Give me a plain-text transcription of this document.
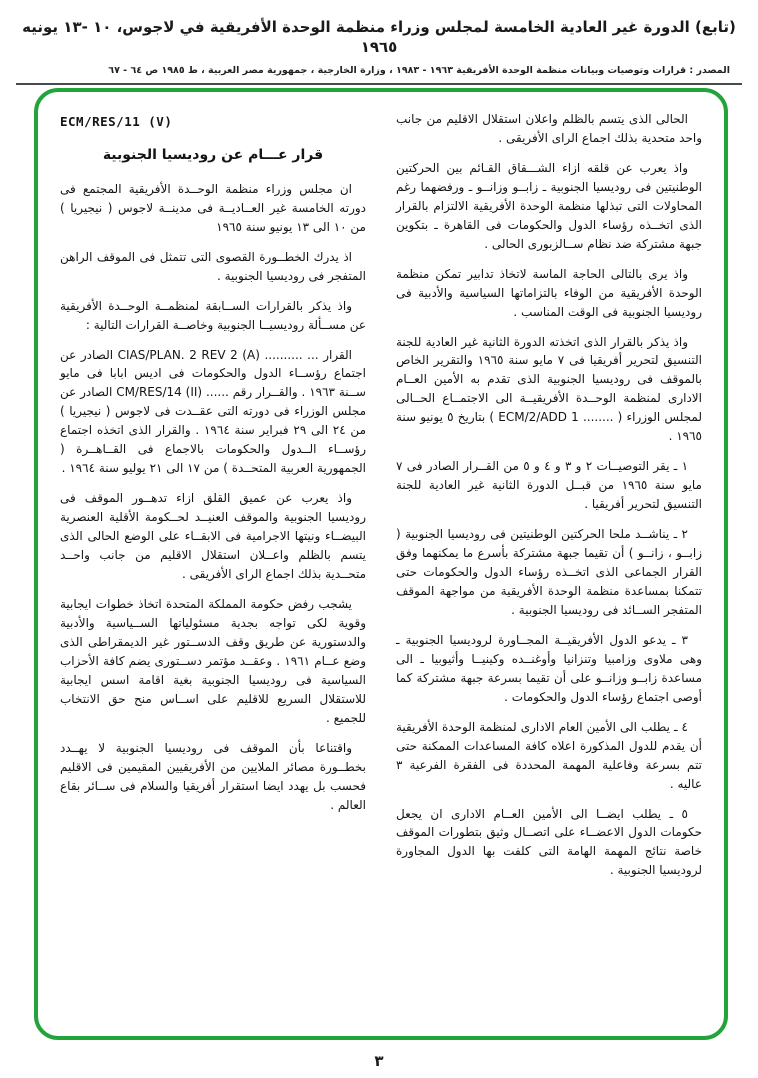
(تابع) الدورة غير العادية الخامسة لمجلس وزراء منظمة الوحدة الأفريقية في لاجوس، ١٠ -١٣ يونيه ١٩٦٥
المصدر : قرارات وتوصيات وبيانات منظمة الوحدة الأفريقية ١٩٦٣ - ١٩٨٣ ، وزارة الخارجية ، جمهورية مصر العربية ، ط ١٩٨٥ ص ٦٤ - ٦٧

الحالى الذى يتسم بالظلم واعلان استقلال الاقليم من جانب واحد متحدية بذلك اجماع الراى الأفريقى .

واذ يعرب عن قلقه ازاء الشـــقاق القـائم بين الحركتين الوطنيتين فى روديسيا الجنوبية ـ زابــو وزانــو ـ ورفضهما رغم المحاولات التى تبذلها منظمة الوحدة الأفريقية الالتزام بالقرار الذى اتخــذه رؤساء الدول والحكومات فى القاهرة ـ بتكوين جبهة مشتركة ضد نظام ســالزبورى الحالى .

واذ يرى بالتالى الحاجة الماسة لاتخاذ تدابير تمكن منظمة الوحدة الأفريقية من الوفاء بالتزاماتها السياسية والأدبية فى روديسيا الجنوبية فى الوقت المناسب .

واذ يذكر بالقرار الذى اتخذته الدورة الثانية غير العادية للجنة التنسيق لتحرير أفريقيا فى ٧ مايو سنة ١٩٦٥ والتقرير الخاص بالموقف فى روديسيا الجنوبية الذى تقدم به الأمين العــام الادارى لمنظمة الوحــدة الأفريقيــة الى الاجتمــاع الحــالى لمجلس الوزراء ( ........ ECM/2/ADD 1 ) بتاريخ ٥ يونيو سنة ١٩٦٥ .

١ ـ يقر التوصيــات ٢ و ٣ و ٤ و ٥ من القــرار الصادر فى ٧ مايو سنة ١٩٦٥ من قبــل الدورة الثانية غير العادية للجنة التنسيق لتحرير أفريقيا .

٢ ـ يناشــد ملحا الحركتين الوطنيتين فى روديسيا الجنوبية ( زابــو ، زانــو ) أن تقيما جبهة مشتركة بأسرع ما يمكنهما وفق القرار الجماعى الذى اتخــذه رؤساء الدول والحكومات حتى تتمكنا بمساعدة منظمة الوحدة الأفريقية من مواجهة الموقف المتفجر الســائد فى روديسيا الجنوبية .

٣ ـ يدعو الدول الأفريقيــة المجــاورة لروديسيا الجنوبية ـ وهى ملاوى وزامبيا وتنزانيا وأوغنــده وكينيــا وأثيوبيا ـ الى مساعدة زابــو وزانــو على أن تقيما بسرعة جبهة مشتركة كما أوصى اجتماع رؤساء الدول والحكومات .

٤ ـ يطلب الى الأمين العام الادارى لمنظمة الوحدة الأفريقية أن يقدم للدول المذكورة اعلاه كافة المساعدات الممكنة حتى تتم بسرعة وفاعلية المهمة المحددة فى الفقرة الفرعية ٣ عاليه .

٥ ـ يطلب ايضــا الى الأمين العــام الادارى ان يجعل حكومات الدول الاعضــاء على اتصــال وثيق بتطورات الموقف خاصة نتائج المهمة الهامة التى كلفت بها الدول المجاورة لروديسيا الجنوبية .

ECM/RES/11 (V)
قرار عـــام عن روديسيا الجنوبية

ان مجلس وزراء منظمة الوحــدة الأفريقية المجتمع فى دورته الخامسة غير العــاديــة فى مدينــة لاجوس ( نيجيريا ) من ١٠ الى ١٣ يونيو سنة ١٩٦٥

اذ يدرك الخطــورة القصوى التى تتمثل فى الموقف الراهن المتفجر فى روديسيا الجنوبية .

واذ يذكر بالقرارات الســابقة لمنظمــة الوحــدة الأفريقية عن مســألة روديسيــا الجنوبية وخاصــة القرارات التالية :

القرار ... .......... CIAS/PLAN. 2 REV 2 (A) الصادر عن اجتماع رؤســاء الدول والحكومات فى اديس ابابا فى مايو ســنة ١٩٦٣ . والقــرار رقم ...... CM/RES/14 (II) الصادر عن مجلس الوزراء فى دورته التى عقــدت فى لاجوس ( نيجيريا ) من ٢٤ الى ٢٩ فبراير سنة ١٩٦٤ . والقرار الذى اتخذه اجتماع رؤســاء الــدول والحكومات بالاجماع فى القــاهــرة ( الجمهورية العربية المتحــدة ) من ١٧ الى ٢١ يوليو سنة ١٩٦٤ .

واذ يعرب عن عميق القلق ازاء تدهــور الموقف فى روديسيا الجنوبية والموقف العنيــد لحــكومة الأقلية العنصرية البيضــاء ونيتها الاجرامية فى الابقــاء على الوضع الحالى الذى يتسم بالظلم واعــلان استقلال الاقليم من جانب واحــد متحــدية بذلك اجماع الراى الأفريقى .

يشجب رفض حكومة المملكة المتحدة اتخاذ خطوات ايجابية وقوية لكى تواجه بجدية مسئولياتها الســياسية والأدبية والدستورية عن طريق وقف الدســتور غير الديمقراطى الذى وضع عــام ١٩٦١ . وعقــد مؤتمر دســتورى يضم كافة الأحزاب السياسية فى روديسيا الجنوبية بغية اقامة اسس ايجابية للاستقلال السريع للاقليم على اســاس منح حق الانتخاب للجميع .

واقتناعا بأن الموقف فى روديسيا الجنوبية لا يهــدد بخطــورة مصائر الملايين من الأفريقيين المقيمين فى الاقليم فحسب بل يهدد ايضا استقرار أفريقيا والسلام فى ســائر بقاع العالم .

٣
